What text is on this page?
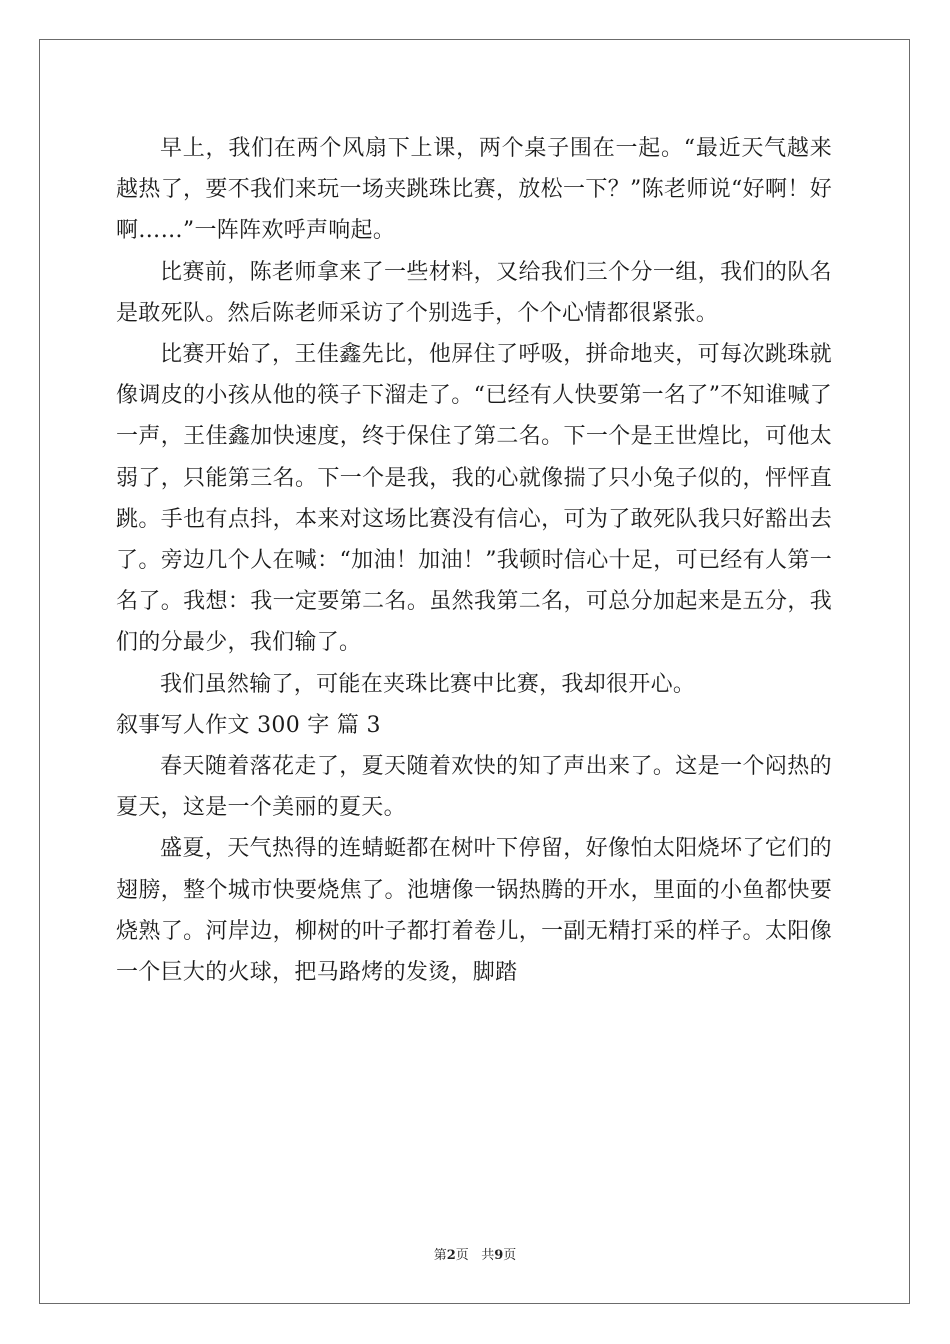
早上，我们在两个风扇下上课，两个桌子围在一起。“最近天气越来越热了，要不我们来玩一场夹跳珠比赛，放松一下？”陈老师说“好啊！好啊……”一阵阵欢呼声响起。

比赛前，陈老师拿来了一些材料，又给我们三个分一组，我们的队名是敢死队。然后陈老师采访了个别选手，个个心情都很紧张。

比赛开始了，王佳鑫先比，他屏住了呼吸，拼命地夹，可每次跳珠就像调皮的小孩从他的筷子下溜走了。“已经有人快要第一名了”不知谁喊了一声，王佳鑫加快速度，终于保住了第二名。下一个是王世煌比，可他太弱了，只能第三名。下一个是我，我的心就像揣了只小兔子似的，怦怦直跳。手也有点抖，本来对这场比赛没有信心，可为了敢死队我只好豁出去了。旁边几个人在喊：“加油！加油！”我顿时信心十足，可已经有人第一名了。我想：我一定要第二名。虽然我第二名，可总分加起来是五分，我们的分最少，我们输了。

我们虽然输了，可能在夹珠比赛中比赛，我却很开心。

叙事写人作文 300 字 篇 3

春天随着落花走了，夏天随着欢快的知了声出来了。这是一个闷热的夏天，这是一个美丽的夏天。

盛夏，天气热得的连蜻蜓都在树叶下停留，好像怕太阳烧坏了它们的翅膀，整个城市快要烧焦了。池塘像一锅热腾的开水，里面的小鱼都快要烧熟了。河岸边，柳树的叶子都打着卷儿，一副无精打采的样子。太阳像一个巨大的火球，把马路烤的发烫，脚踏

第2页 共9页
